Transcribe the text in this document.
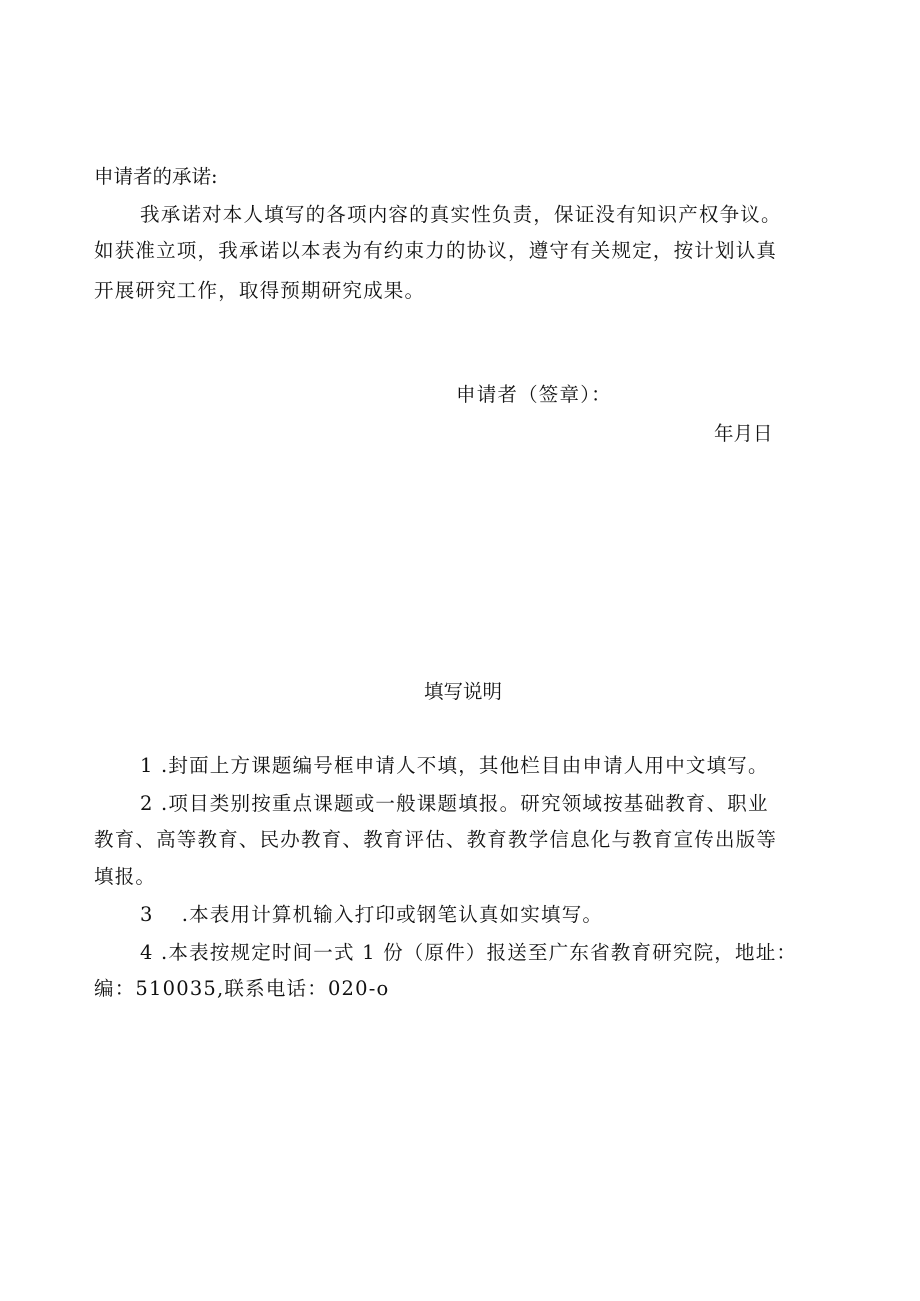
申请者的承诺:
我承诺对本人填写的各项内容的真实性负责，保证没有知识产权争议。
如获准立项，我承诺以本表为有约束力的协议，遵守有关规定，按计划认真
开展研究工作，取得预期研究成果。
申请者（签章）：
年月日
填写说明
1 .封面上方课题编号框申请人不填，其他栏目由申请人用中文填写。
2 .项目类别按重点课题或一般课题填报。研究领域按基础教育、职业
教育、高等教育、民办教育、教育评估、教育教学信息化与教育宣传出版等
填报。
3　 .本表用计算机输入打印或钢笔认真如实填写。
4 .本表按规定时间一式 1 份（原件）报送至广东省教育研究院，地址：
编：510035,联系电话：020-o
